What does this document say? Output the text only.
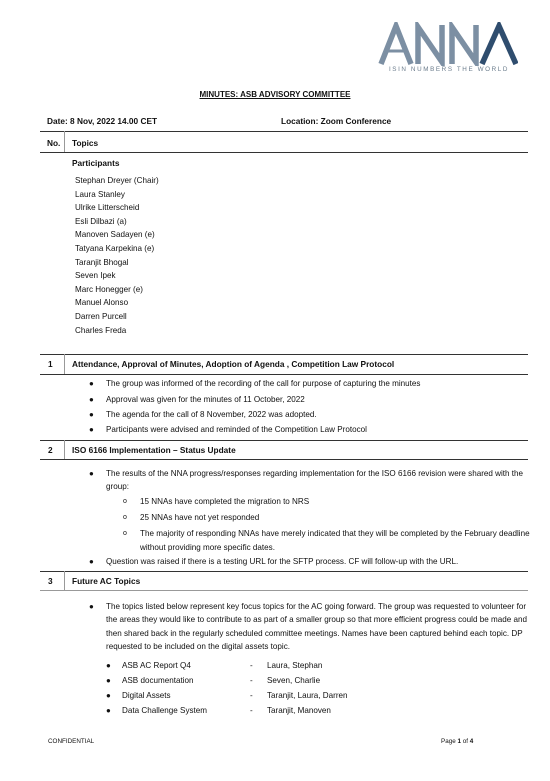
ISIN NUMBERS THE WORLD
MINUTES: ASB ADVISORY COMMITTEE
Date: 8 Nov, 2022 14.00 CET	Location: Zoom Conference
No. Topics
Participants
Stephan Dreyer (Chair)
Laura Stanley
Ulrike Litterscheid
Esli Dilbazi (a)
Manoven Sadayen (e)
Tatyana Karpekina (e)
Taranjit Bhogal
Seven Ipek
Marc Honegger (e)
Manuel Alonso
Darren Purcell
Charles Freda
1 Attendance, Approval of Minutes, Adoption of Agenda , Competition Law Protocol
● The group was informed of the recording of the call for purpose of capturing the minutes
● Approval was given for the minutes of 11 October, 2022
● The agenda for the call of 8 November, 2022 was adopted.
● Participants were advised and reminded of the Competition Law Protocol
2 ISO 6166 Implementation – Status Update
● The results of the NNA progress/responses regarding implementation for the ISO 6166 revision were shared with the group:
o 15 NNAs have completed the migration to NRS
o 25 NNAs have not yet responded
o The majority of responding NNAs have merely indicated that they will be completed by the February deadline without providing more specific dates.
● Question was raised if there is a testing URL for the SFTP process. CF will follow-up with the URL.
3 Future AC Topics
● The topics listed below represent key focus topics for the AC going forward. The group was requested to volunteer for the areas they would like to contribute to as part of a smaller group so that more efficient progress could be made and then shared back in the regularly scheduled committee meetings. Names have been captured behind each topic. DP requested to be included on the digital assets topic.
● ASB AC Report Q4	- Laura, Stephan
● ASB documentation	- Seven, Charlie
● Digital Assets	- Taranjit, Laura, Darren
● Data Challenge System	- Taranjit, Manoven
CONFIDENTIAL	Page 1 of 4
